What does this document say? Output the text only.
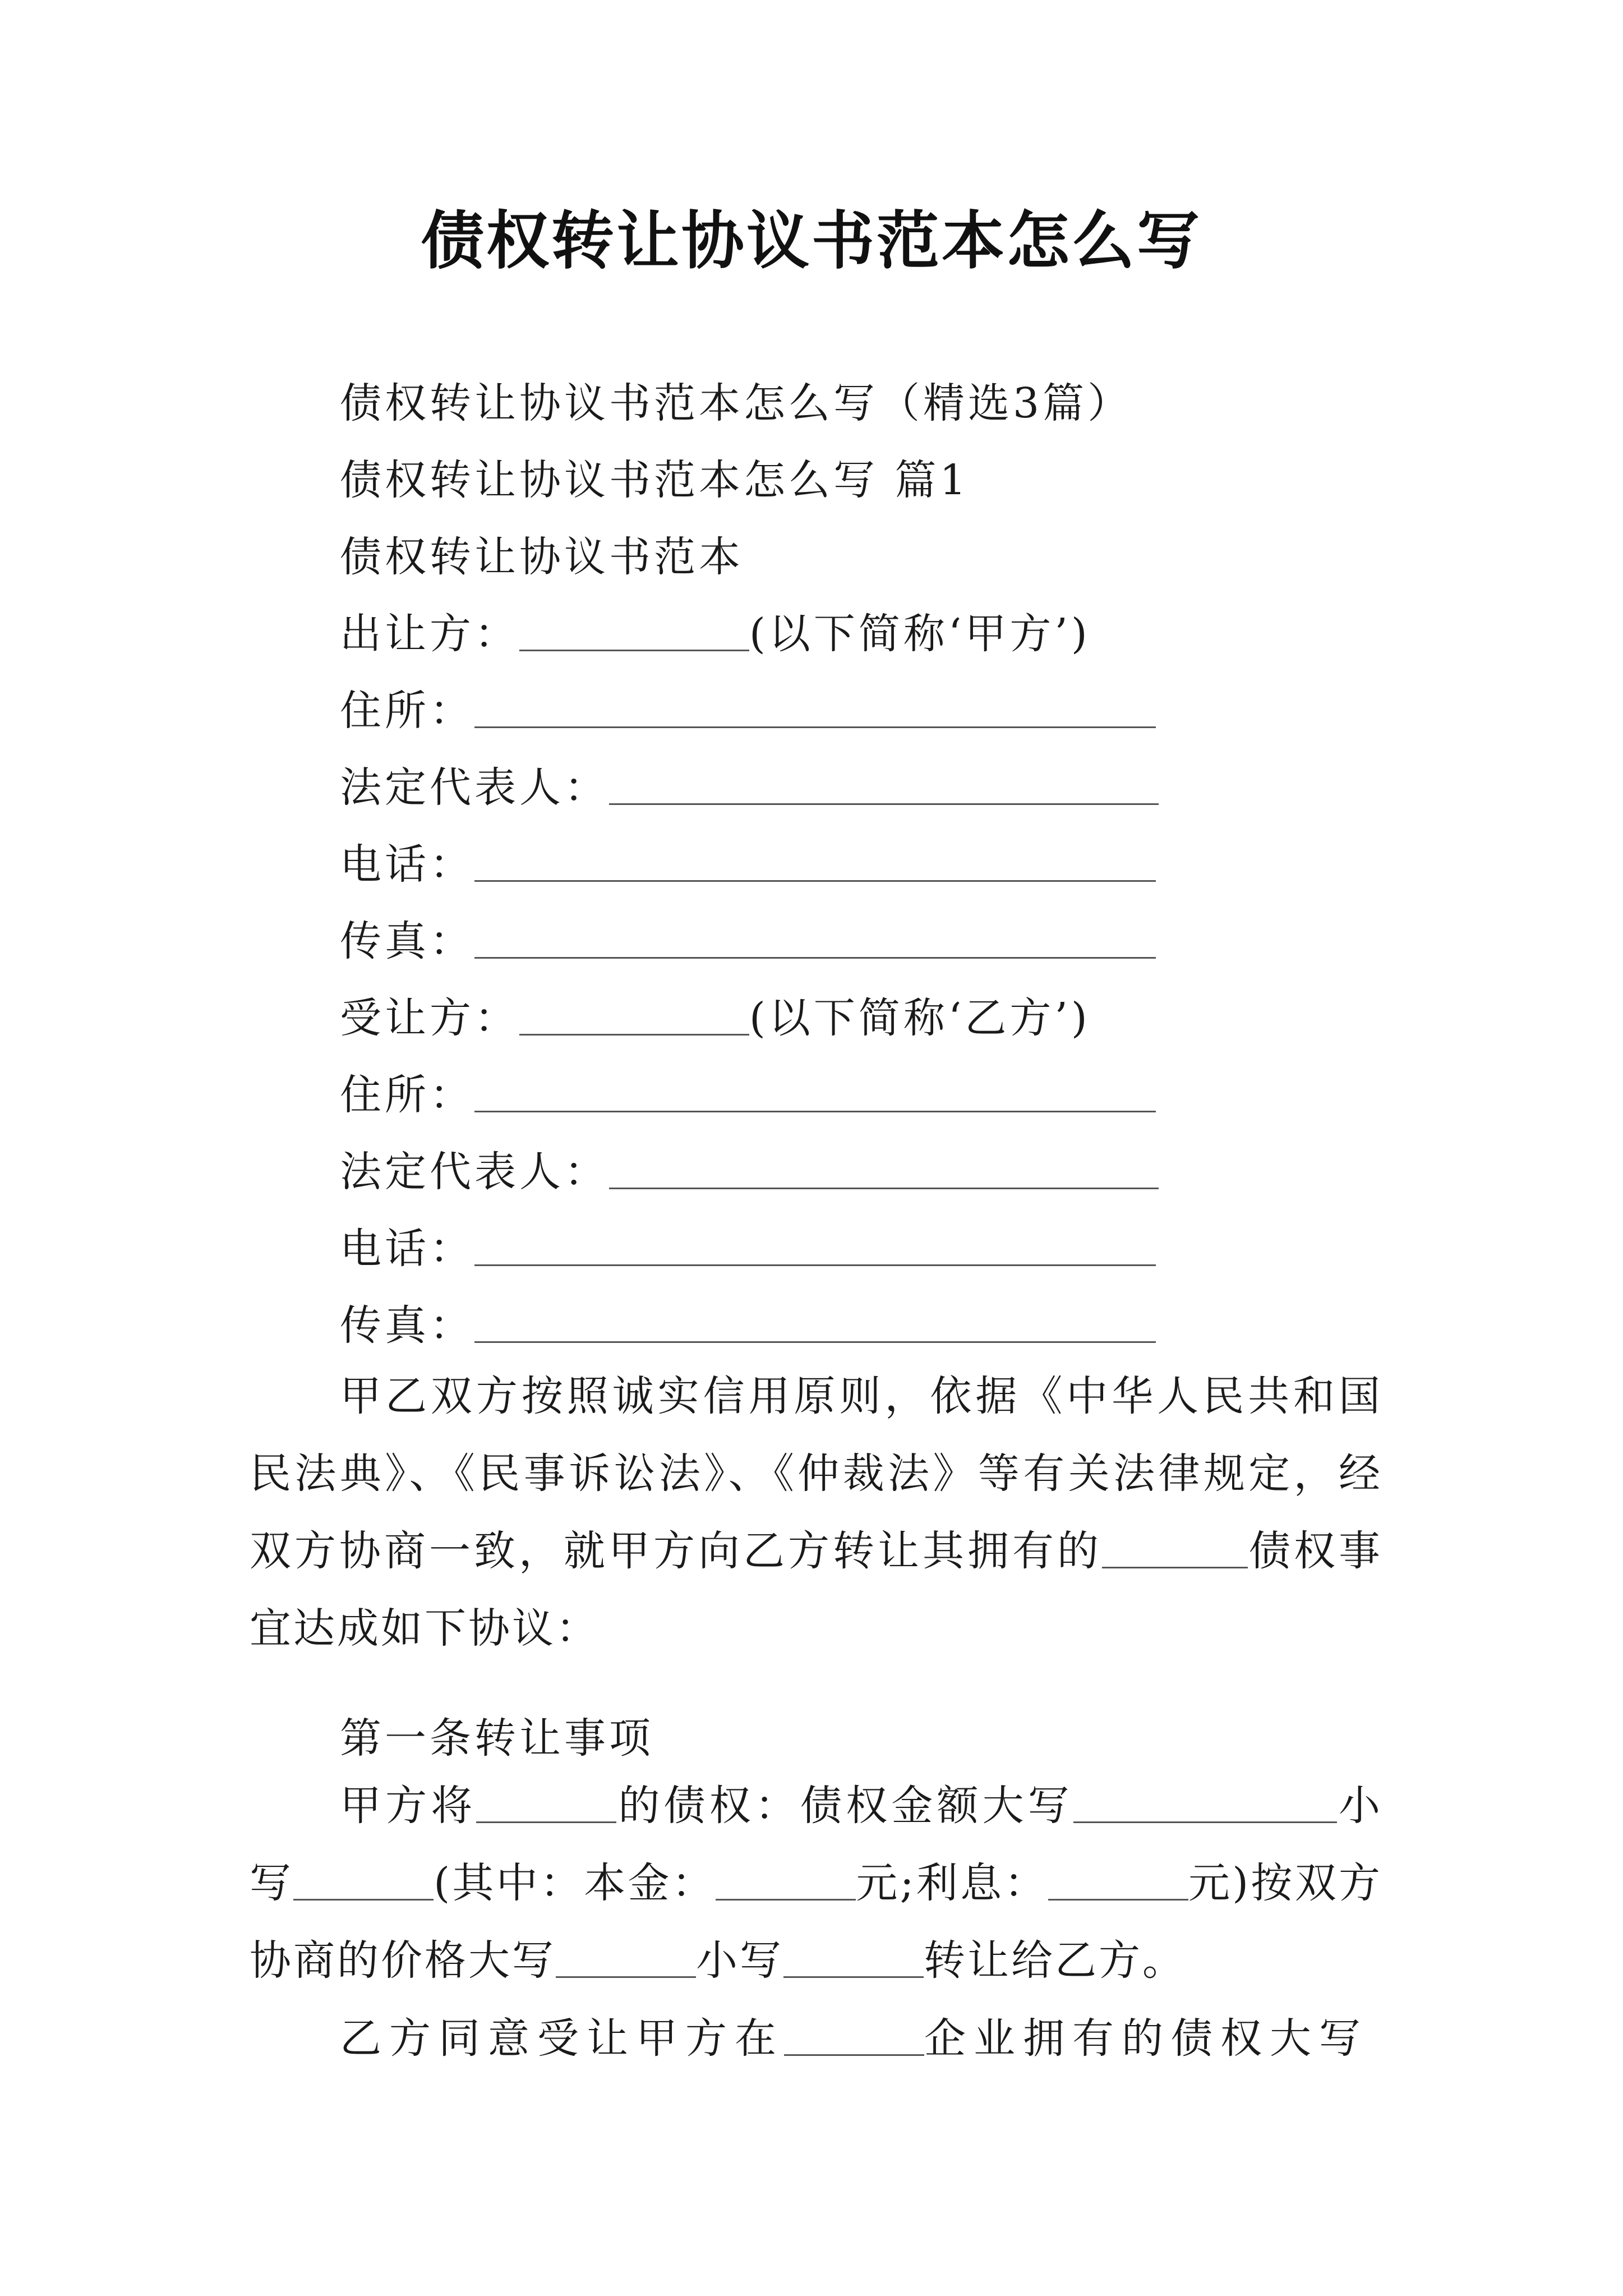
债权转让协议书范本怎么写
债权转让协议书范本怎么写（精选3篇）
债权转让协议书范本怎么写 篇1
债权转让协议书范本
出让方：	(以下简称‘甲方’)
住所：
法定代表人：
电话：
传真：
受让方：	(以下简称‘乙方’)
住所：
法定代表人：
电话：
传真：
甲乙双方按照诚实信用原则，依据《中华人民共和国民法典》、《民事诉讼法》、《仲裁法》等有关法律规定，经双方协商一致，就甲方向乙方转让其拥有的	债权事宜达成如下协议：
第一条转让事项
甲方将	的债权：债权金额大写	小写	(其中：本金：	元;利息：	元)按双方协商的价格大写	小写	转让给乙方。
乙方同意受让甲方在	企业拥有的债权大写
